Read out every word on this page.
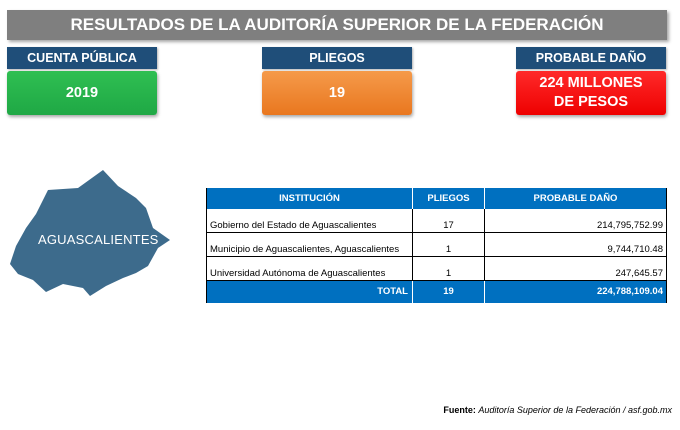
RESULTADOS DE LA AUDITORÍA SUPERIOR DE LA FEDERACIÓN
CUENTA PÚBLICA
2019
PLIEGOS
19
PROBABLE DAÑO
224 MILLONES DE PESOS
AGUASCALIENTES
INSTITUCIÓN	PLIEGOS	PROBABLE DAÑO
Gobierno del Estado de Aguascalientes	17	214,795,752.99
Municipio de Aguascalientes, Aguascalientes	1	9,744,710.48
Universidad Autónoma de Aguascalientes	1	247,645.57
TOTAL	19	224,788,109.04
Fuente: Auditoría Superior de la Federación / asf.gob.mx
